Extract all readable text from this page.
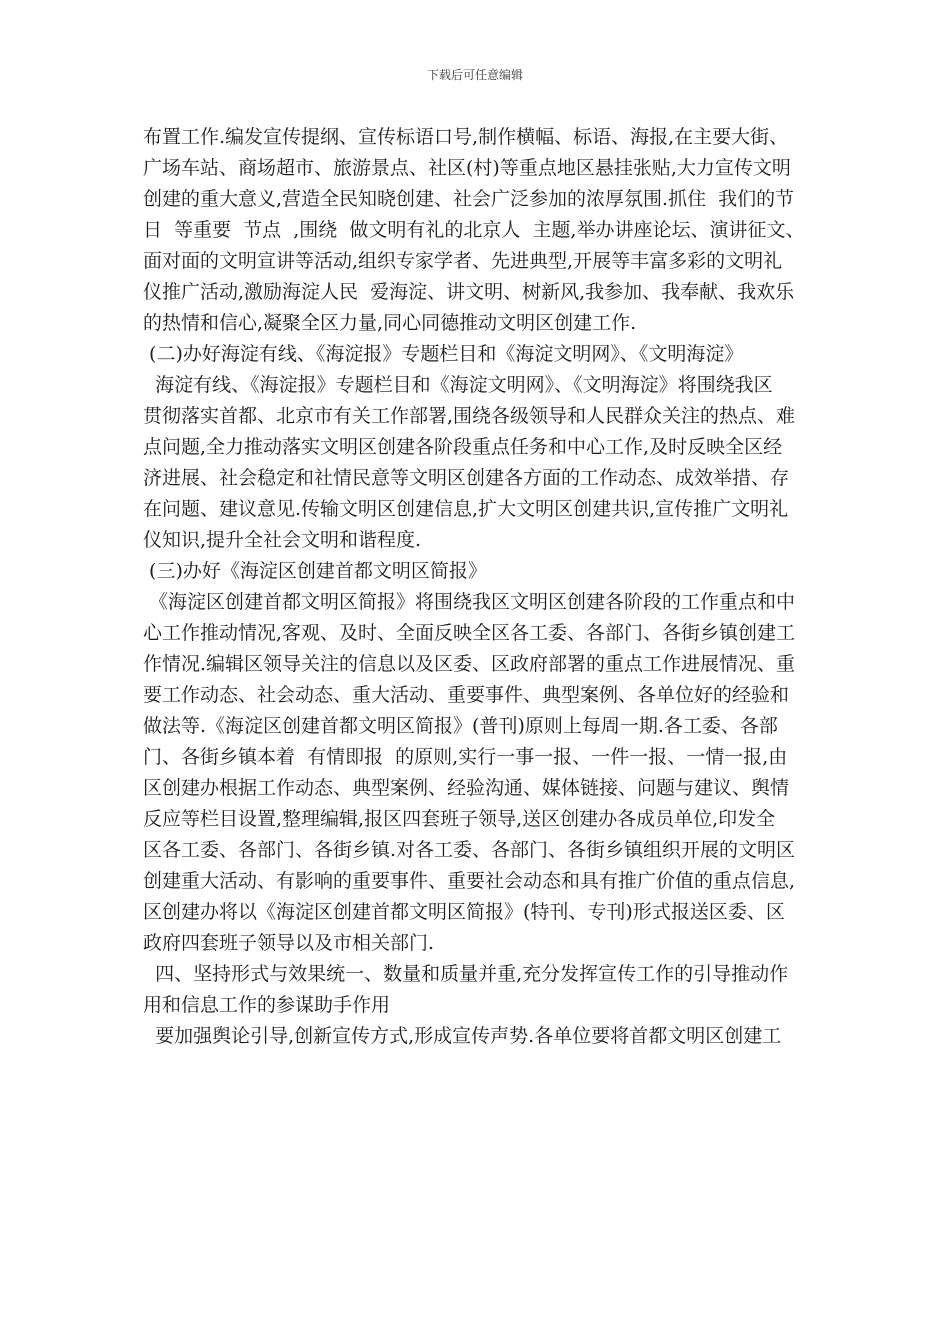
下载后可任意编辑
布置工作.编发宣传提纲、宣传标语口号,制作横幅、标语、海报,在主要大街、
广场车站、商场超市、旅游景点、社区(村)等重点地区悬挂张贴,大力宣传文明
创建的重大意义,营造全民知晓创建、社会广泛参加的浓厚氛围.抓住  我们的节
日  等重要  节点  ,围绕  做文明有礼的北京人  主题,举办讲座论坛、演讲征文、
面对面的文明宣讲等活动,组织专家学者、先进典型,开展等丰富多彩的文明礼
仪推广活动,激励海淀人民  爱海淀、讲文明、树新风,我参加、我奉献、我欢乐
的热情和信心,凝聚全区力量,同心同德推动文明区创建工作.
(二)办好海淀有线、《海淀报》专题栏目和《海淀文明网》、《文明海淀》
海淀有线、《海淀报》专题栏目和《海淀文明网》、《文明海淀》将围绕我区
贯彻落实首都、北京市有关工作部署,围绕各级领导和人民群众关注的热点、难
点问题,全力推动落实文明区创建各阶段重点任务和中心工作,及时反映全区经
济进展、社会稳定和社情民意等文明区创建各方面的工作动态、成效举措、存
在问题、建议意见.传输文明区创建信息,扩大文明区创建共识,宣传推广文明礼
仪知识,提升全社会文明和谐程度.
(三)办好《海淀区创建首都文明区简报》
《海淀区创建首都文明区简报》将围绕我区文明区创建各阶段的工作重点和中
心工作推动情况,客观、及时、全面反映全区各工委、各部门、各街乡镇创建工
作情况.编辑区领导关注的信息以及区委、区政府部署的重点工作进展情况、重
要工作动态、社会动态、重大活动、重要事件、典型案例、各单位好的经验和
做法等.《海淀区创建首都文明区简报》(普刊)原则上每周一期.各工委、各部
门、各街乡镇本着  有情即报  的原则,实行一事一报、一件一报、一情一报,由
区创建办根据工作动态、典型案例、经验沟通、媒体链接、问题与建议、舆情
反应等栏目设置,整理编辑,报区四套班子领导,送区创建办各成员单位,印发全
区各工委、各部门、各街乡镇.对各工委、各部门、各街乡镇组织开展的文明区
创建重大活动、有影响的重要事件、重要社会动态和具有推广价值的重点信息,
区创建办将以《海淀区创建首都文明区简报》(特刊、专刊)形式报送区委、区
政府四套班子领导以及市相关部门.
四、坚持形式与效果统一、数量和质量并重,充分发挥宣传工作的引导推动作
用和信息工作的参谋助手作用
要加强舆论引导,创新宣传方式,形成宣传声势.各单位要将首都文明区创建工
